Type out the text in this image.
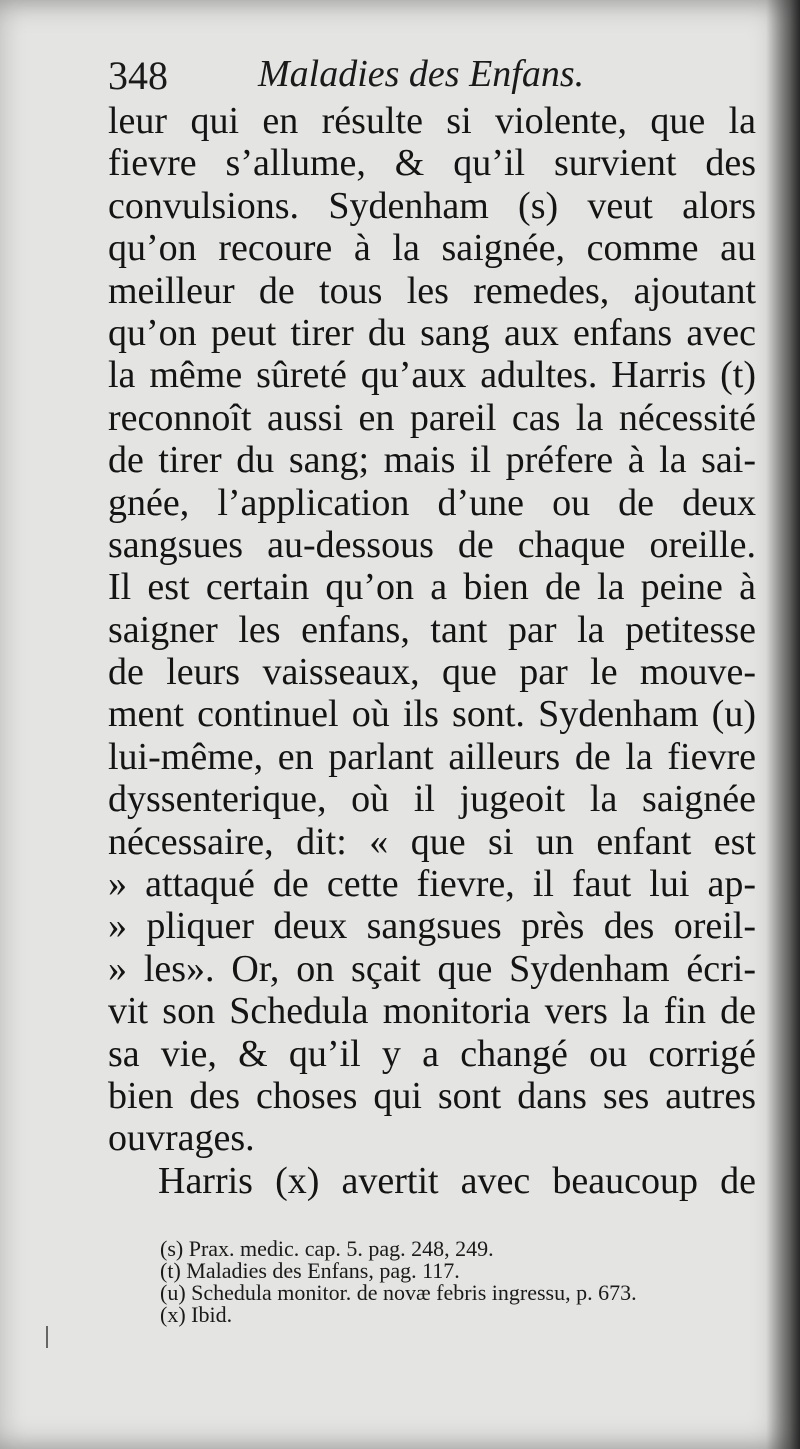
348 Maladies des Enfans.
leur qui en résulte si violente, que la
fievre s’allume, & qu’il survient des
convulsions. Sydenham (s) veut alors
qu’on recoure à la saignée, comme au
meilleur de tous les remedes, ajoutant
qu’on peut tirer du sang aux enfans avec
la même sûreté qu’aux adultes. Harris (t)
reconnoît aussi en pareil cas la nécessité
de tirer du sang; mais il préfere à la sai-
gnée, l’application d’une ou de deux
sangsues au-dessous de chaque oreille.
Il est certain qu’on a bien de la peine à
saigner les enfans, tant par la petitesse
de leurs vaisseaux, que par le mouve-
ment continuel où ils sont. Sydenham (u)
lui-même, en parlant ailleurs de la fievre
dyssenterique, où il jugeoit la saignée
nécessaire, dit: « que si un enfant est
» attaqué de cette fievre, il faut lui ap-
» pliquer deux sangsues près des oreil-
» les». Or, on sçait que Sydenham écri-
vit son Schedula monitoria vers la fin de
sa vie, & qu’il y a changé ou corrigé
bien des choses qui sont dans ses autres
ouvrages.
Harris (x) avertit avec beaucoup de
(s) Prax. medic. cap. 5. pag. 248, 249.
(t) Maladies des Enfans, pag. 117.
(u) Schedula monitor. de novæ febris ingressu, p. 673.
(x) Ibid.
